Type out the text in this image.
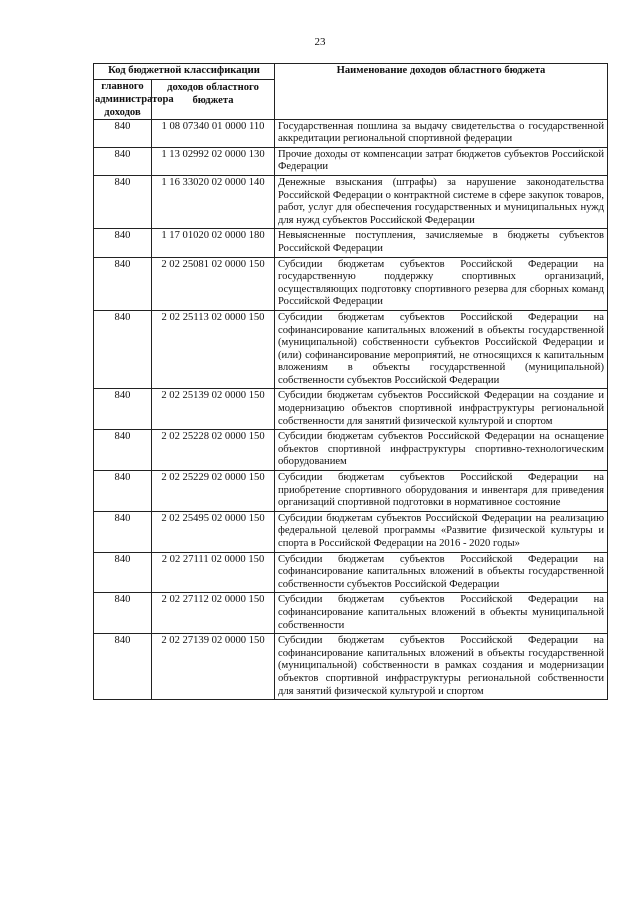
23
Код бюджетной классификации		Наименование доходов областного бюджета
главного администратора доходов	доходов областного бюджета	
840	1 08 07340 01 0000 110	Государственная пошлина за выдачу свидетельства о государственной аккредитации региональной спортивной федерации
840	1 13 02992 02 0000 130	Прочие доходы от компенсации затрат бюджетов субъектов Российской Федерации
840	1 16 33020 02 0000 140	Денежные взыскания (штрафы) за нарушение законодательства Российской Федерации о контрактной системе в сфере закупок товаров, работ, услуг для обеспечения государственных и муниципальных нужд для нужд субъектов Российской Федерации
840	1 17 01020 02 0000 180	Невыясненные поступления, зачисляемые в бюджеты субъектов Российской Федерации
840	2 02 25081 02 0000 150	Субсидии бюджетам субъектов Российской Федерации на государственную поддержку спортивных организаций, осуществляющих подготовку спортивного резерва для сборных команд Российской Федерации
840	2 02 25113 02 0000 150	Субсидии бюджетам субъектов Российской Федерации на софинансирование капитальных вложений в объекты государственной (муниципальной) собственности субъектов Российской Федерации и (или) софинансирование мероприятий, не относящихся к капитальным вложениям в объекты государственной (муниципальной) собственности субъектов Российской Федерации
840	2 02 25139 02 0000 150	Субсидии бюджетам субъектов Российской Федерации на создание и модернизацию объектов спортивной инфраструктуры региональной собственности для занятий физической культурой и спортом
840	2 02 25228 02 0000 150	Субсидии бюджетам субъектов Российской Федерации на оснащение объектов спортивной инфраструктуры спортивно-технологическим оборудованием
840	2 02 25229 02 0000 150	Субсидии бюджетам субъектов Российской Федерации на приобретение спортивного оборудования и инвентаря для приведения организаций спортивной подготовки в нормативное состояние
840	2 02 25495 02 0000 150	Субсидии бюджетам субъектов Российской Федерации на реализацию федеральной целевой программы «Развитие физической культуры и спорта в Российской Федерации на 2016 - 2020 годы»
840	2 02 27111 02 0000 150	Субсидии бюджетам субъектов Российской Федерации на софинансирование капитальных вложений в объекты государственной собственности субъектов Российской Федерации
840	2 02 27112 02 0000 150	Субсидии бюджетам субъектов Российской Федерации на софинансирование капитальных вложений в объекты муниципальной собственности
840	2 02 27139 02 0000 150	Субсидии бюджетам субъектов Российской Федерации на софинансирование капитальных вложений в объекты государственной (муниципальной) собственности в рамках создания и модернизации объектов спортивной инфраструктуры региональной собственности для занятий физической культурой и спортом
